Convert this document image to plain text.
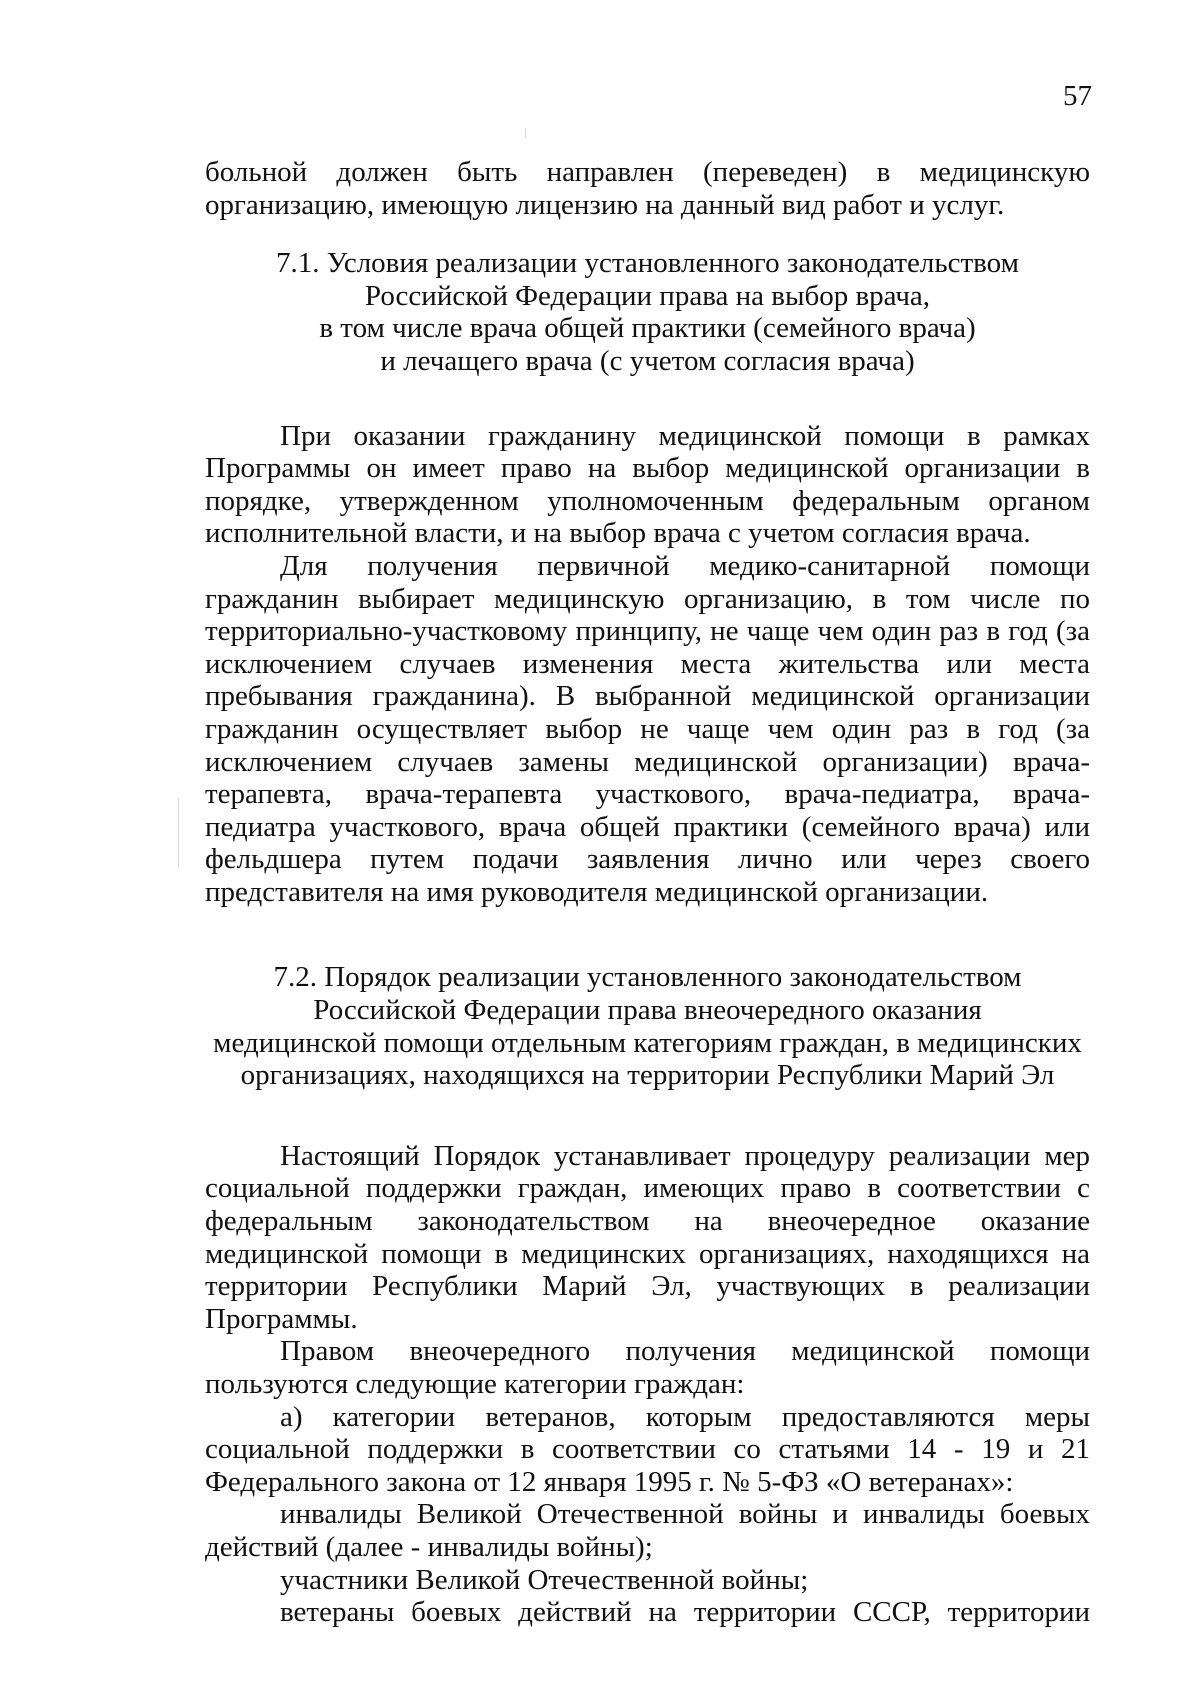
57

больной должен быть направлен (переведен) в медицинскую организацию, имеющую лицензию на данный вид работ и услуг.

7.1. Условия реализации установленного законодательством
Российской Федерации права на выбор врача,
в том числе врача общей практики (семейного врача)
и лечащего врача (с учетом согласия врача)

При оказании гражданину медицинской помощи в рамках Программы он имеет право на выбор медицинской организации в порядке, утвержденном уполномоченным федеральным органом исполнительной власти, и на выбор врача с учетом согласия врача.

Для получения первичной медико-санитарной помощи гражданин выбирает медицинскую организацию, в том числе по территориально-участковому принципу, не чаще чем один раз в год (за исключением случаев изменения места жительства или места пребывания гражданина). В выбранной медицинской организации гражданин осуществляет выбор не чаще чем один раз в год (за исключением случаев замены медицинской организации) врача-терапевта, врача-терапевта участкового, врача-педиатра, врача-педиатра участкового, врача общей практики (семейного врача) или фельдшера путем подачи заявления лично или через своего представителя на имя руководителя медицинской организации.

7.2. Порядок реализации установленного законодательством
Российской Федерации права внеочередного оказания
медицинской помощи отдельным категориям граждан, в медицинских
организациях, находящихся на территории Республики Марий Эл

Настоящий Порядок устанавливает процедуру реализации мер социальной поддержки граждан, имеющих право в соответствии с федеральным законодательством на внеочередное оказание медицинской помощи в медицинских организациях, находящихся на территории Республики Марий Эл, участвующих в реализации Программы.

Правом внеочередного получения медицинской помощи пользуются следующие категории граждан:

а) категории ветеранов, которым предоставляются меры социальной поддержки в соответствии со статьями 14 - 19 и 21 Федерального закона от 12 января 1995 г. № 5-ФЗ «О ветеранах»:

инвалиды Великой Отечественной войны и инвалиды боевых действий (далее - инвалиды войны);

участники Великой Отечественной войны;

ветераны боевых действий на территории СССР, территории
